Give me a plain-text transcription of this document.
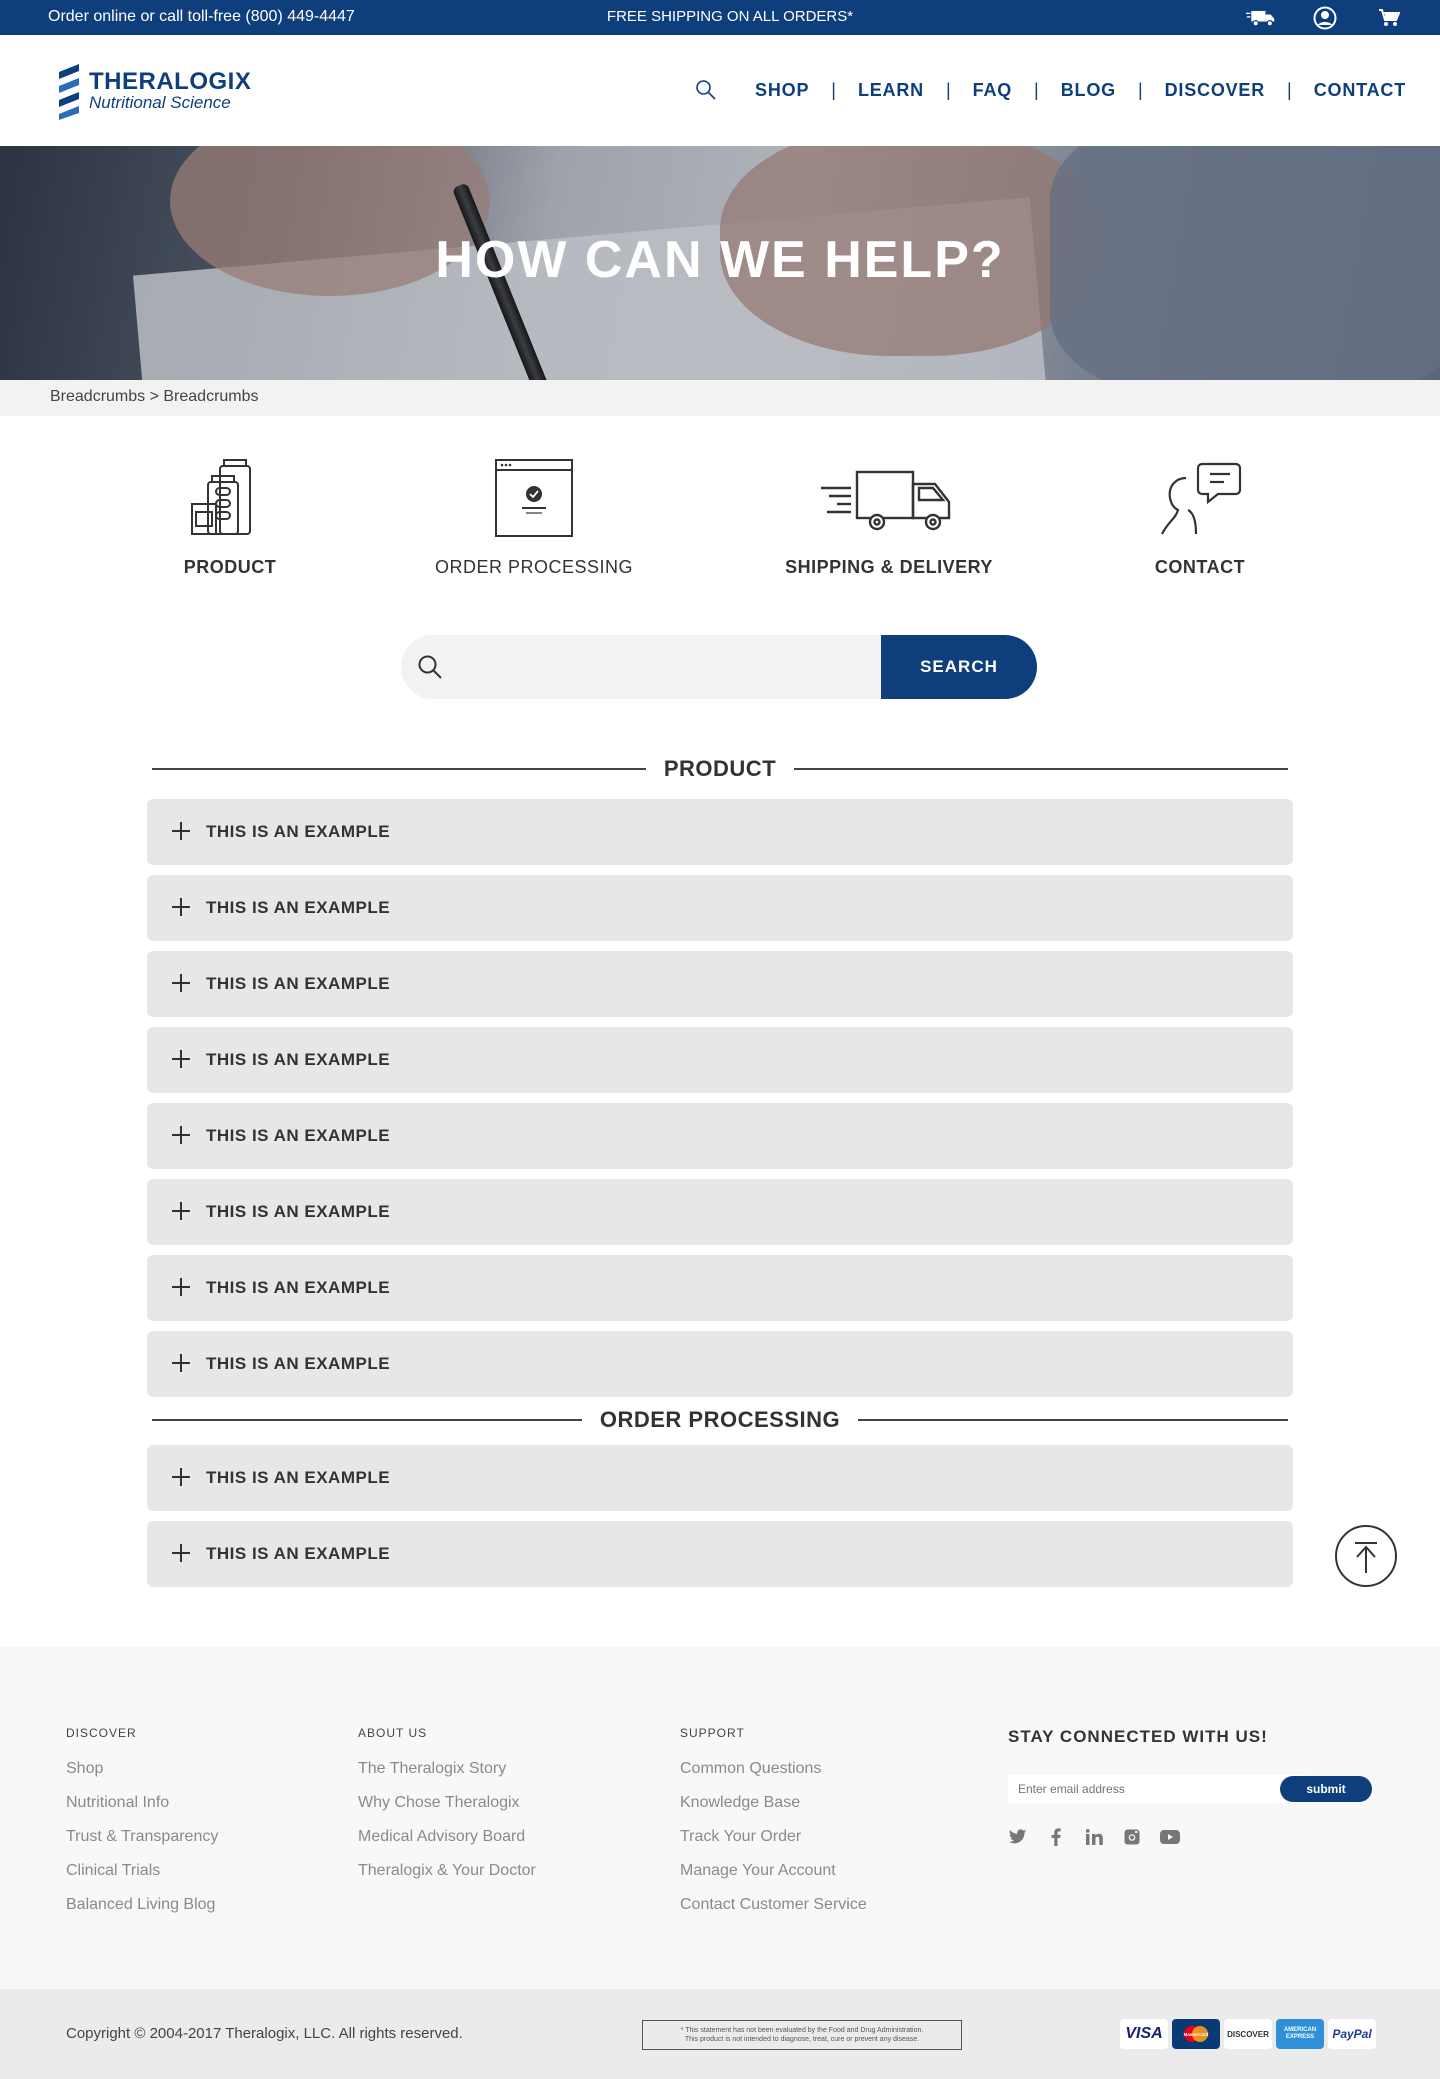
Order online or call toll-free (800) 449-4447	FREE SHIPPING ON ALL ORDERS*
THERALOGIX
Nutritional Science
SHOP | LEARN | FAQ | BLOG | DISCOVER | CONTACT
HOW CAN WE HELP?
Breadcrumbs > Breadcrumbs
PRODUCT	ORDER PROCESSING	SHIPPING & DELIVERY	CONTACT
SEARCH
PRODUCT
THIS IS AN EXAMPLE
THIS IS AN EXAMPLE
THIS IS AN EXAMPLE
THIS IS AN EXAMPLE
THIS IS AN EXAMPLE
THIS IS AN EXAMPLE
THIS IS AN EXAMPLE
THIS IS AN EXAMPLE
ORDER PROCESSING
THIS IS AN EXAMPLE
THIS IS AN EXAMPLE
DISCOVER
Shop
Nutritional Info
Trust & Transparency
Clinical Trials
Balanced Living Blog
ABOUT US
The Theralogix Story
Why Chose Theralogix
Medical Advisory Board
Theralogix & Your Doctor
SUPPORT
Common Questions
Knowledge Base
Track Your Order
Manage Your Account
Contact Customer Service
STAY CONNECTED WITH US!
Enter email address
submit
Copyright © 2004-2017 Theralogix, LLC. All rights reserved.	* This statement has not been evaluated by the Food and Drug Administration.
This product is not intended to diagnose, treat, cure or prevent any disease.	VISA	MasterCard	DISCOVER	AMERICAN EXPRESS	PayPal
